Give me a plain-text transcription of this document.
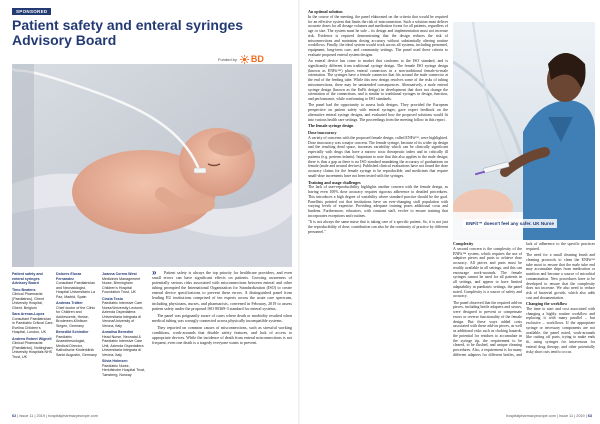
SPONSORED
Patient safety and enteral syringes Advisory Board
Funded by BD
Patient safety and enteral syringes Advisory Board
Timo Beatens
Clinical Pharmacist (Paediatrics), Ghent University Hospital, Ghent, Belgium
Sara Arenas-Lopez
Consultant Paediatrician in Paediatric Critical Care, Evelina Children's Hospital, London, UK
Andrew Robert Wignell
Clinical Pharmacist (Paediatrics), Nottingham University Hospitals NHS Trust, UK
Dolores Elorza Fernandez
Consultant Paediatrician and Neonatologist, Hospital Universitario La Paz, Madrid, Spain
Andreas Trütter
Chief doctor of the Clinic for Children and Adolescents, Hesse-Brodersen-Klinikum Siegen, Germany
Benedikt Schindler
Paediatric Anaesthesiologist, Medical Director, Katholische Kinderklinik Sankt Augustin, Germany
Joanna Correa West
Medicines Management Nurse, Birmingham Children's Hospital Foundation Trust, UK
Cinzia Tosio
Paediatric Intensive Care Nurse/University Lecturer, Azienda Ospedaliera Universitaria Integrata di Verona/University of Verona, Italy
Annalisa Benedini
Head Nurse, Neonatal & Paediatric Intensive Care Unit, Azienda Ospedaliera Universitaria Integrata di Verona, Italy
Silvia Holmsen
Paediatric Nurse, Herlufsholm Hospital Trust, Tønsberg, Norway
»	Patient safety is always the top priority for healthcare providers, and even small errors can have significant effects on patients. Growing awareness of potentially serious risks associated with misconnections between enteral and other tubing prompted the International Organization for Standardization (ISO) to create enteral device specifications to prevent these errors. A distinguished panel from leading EU institutions comprised of ten experts across the acute care spectrum, including physicians, nurses, and pharmacists, convened in February, 2019 to assess patient safety under the proposed ISO 80369-3 standard for enteral systems.

The panel was poignantly aware of cases where death or morbidity resulted when medical tubing was wrongly connected across physically incompatible systems.

They reported on common causes of misconnections, such as stressful working conditions, work-arounds that disable safety features, and lack of access to appropriate devices. While the incidence of death from enteral misconnections is not frequent, even one death is a tragedy everyone wants to prevent.

62 | Issue 11 | 2019 | hospitalpharmacyeurope.com
An optimal solution

In the course of the meeting, the panel elaborated on the criteria that would be required for an effective system that limits the risk of misconnection. Such a solution must deliver accurate doses for all dosage volumes and medication forms for all patients, regardless of age or size. The system must be safe – its design and implementation must not increase risk. Evidence is required demonstrating that the design reduces the risk of misconnections and maintains dosing accuracy without substantially altering routine workflows. Finally, the ideal system would work across all systems, including personnel, equipment, long-term care, and community settings. The panel used these criteria to evaluate proposed enteral system designs.

An enteral device has come to market that conforms to the ISO standard, and is significantly different from traditional syringe design. The female ISO syringe design (known as ENFit™) places enteral connectors in a non-traditional female-to-male orientation. The syringes have a female connector that fits around the male connector at the end of the feeding tube. While this new design resolves some of the risks of tubing misconnections, there may be unintended consequences. Alternatively, a male enteral syringe design (known as the EnFit design) in development that does not change the orientation of the connections, and is similar to traditional syringes in design, function, and performance, while conforming to ISO standards.

The panel had the opportunity to assess both designs. They provided the European perspective on patient safety with enteral syringes, gave expert feedback on the alternative enteral syringe designs, and evaluated how the proposed solutions would fit into various health care settings. The proceedings from the meeting follow in this report.

The female syringe design
Dose inaccuracy

A variety of concerns with the proposed female design, called ENFit™, were highlighted. Dose inaccuracy was a major concern. The female syringe, because of its wider tip design and the resulting dead space, increases variability which can be clinically significant especially with drugs that have a narrow toxic therapeutic index and in critically ill patients (e.g. preterm infants). Important to note that this also applies to the male design; there is thus a gap as there is no ISO standard mandating the accuracy of graduations on female (male and neutral devices). Published clinical evaluations have not found the dose accuracy claims for the female syringe to be reproducible, and medicines that require small-dose increments have not been tested with the syringes.

Training and usage challenges

The lack of user-reproducibility highlights another concern with the female design, as having even 100% dose accuracy requires rigorous adherence to detailed procedures. This introduces a high degree of variability where standard practice should be the goal. Panellists pointed out that institutions have an ever-changing staff population with varying levels of expertise. Providing adequate training poses additional costs and burdens. Furthermore, educators, with constant staff, evolve to ensure training that incorporates exceptions and routines.

"It is not always the same nurse that is taking care of a specific patient. So, it is not just the reproducibility of dose; contribution can also be the continuity of practice by different personnel."

ENFit™ doesn't feel any safer. UK Nurse
Complexity

A second concern is the complexity of the ENFit™ system, which requires the use of adaptive pieces and parts to achieve dose accuracy. All pieces and parts must be readily available in all settings, and this can encourage work-arounds. The female syringes cannot be used for all patients in all settings, and appear to have limited adaptability in paediatric settings, the panel noted. Complexity is a source of safety and accuracy.

The panel observed that the required add-on pieces, including bottle adapters and straws, were designed to prevent or compensate errors or reverse functionality of the female design. But these ways added costs associated with these add-on pieces, as well as additional risks such as choking hazards, the potential for residues to accumulate in the syringe tip, the requirement to be cleared, to be flushed, and unique cleaning procedures. Also, a requirement is for many different adapters for different bottles, and lack of adherence to the specific practices required.

The need for a small cleaning brush and cleaning protocols to clean the ENFit™ tube moat to ensure that the male tube end may accumulate drips from medication or nutrition and become a source of microbial contamination. New procedures have to be developed to ensure that the complexity does not increase. We also need to reduce risk of bacterial growth, which also adds cost and documentation.

Changing the workflow

The time to start and cost associated with changing a highly routine workflow and replacing it with many parallel – but exclusive – workflows. If the appropriate syringe or necessary components are not available, the panel noted, work-arounds like cutting off parts, trying to make ends fit, using syringes for intravenous for enteral drug therapy, and other potentially risky short cuts tend to occur.

hospitalpharmacyeurope.com | Issue 11 | 2019 | 63
